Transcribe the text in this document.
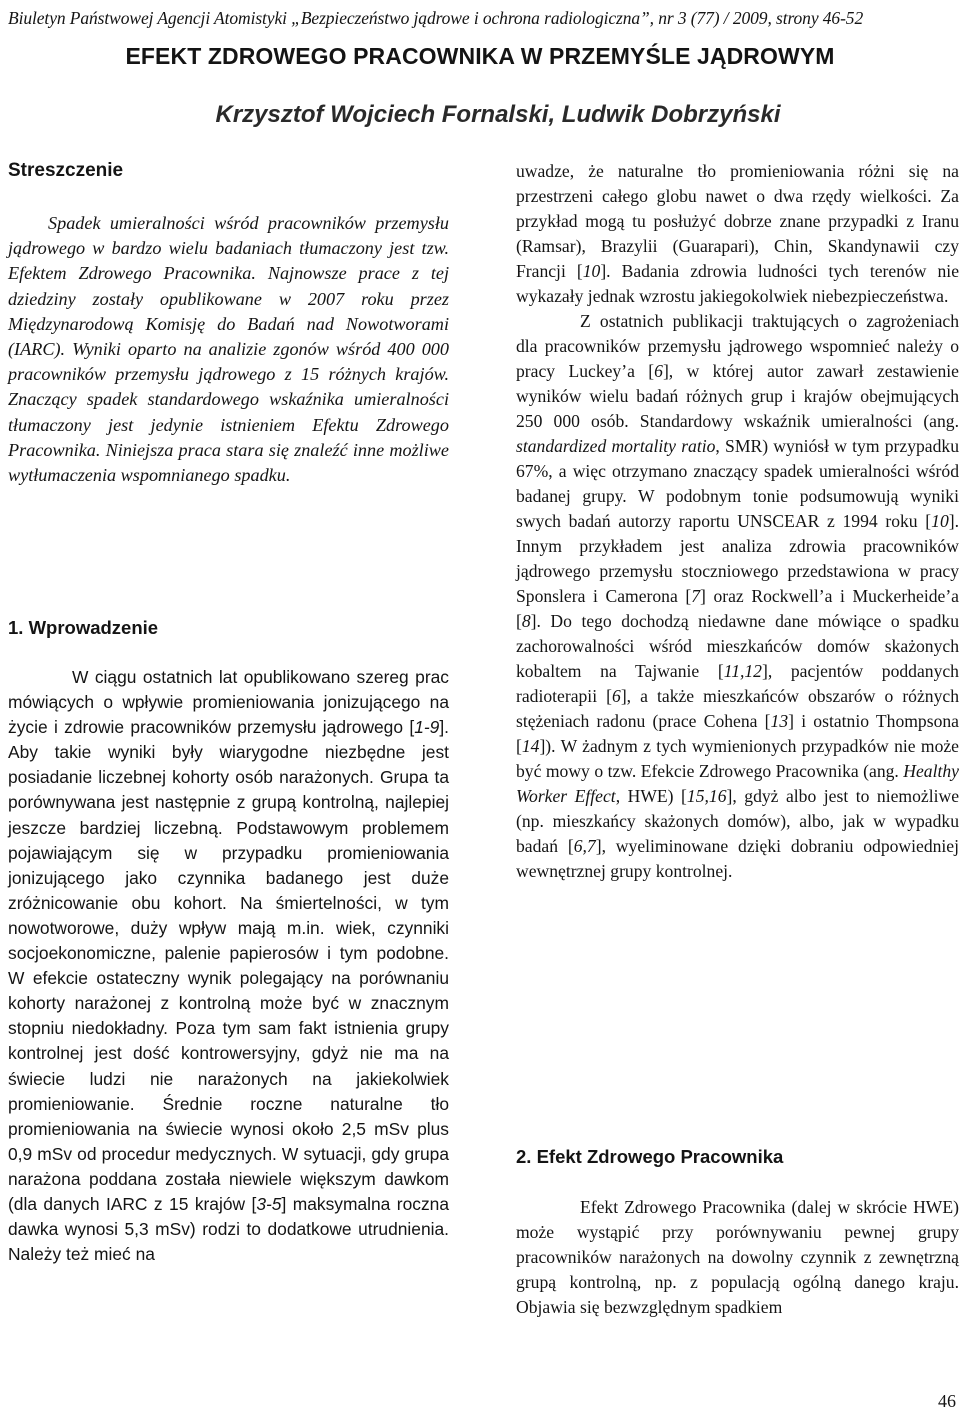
Biuletyn Państwowej Agencji Atomistyki „Bezpieczeństwo jądrowe i ochrona radiologiczna”, nr 3 (77) / 2009, strony 46-52
EFEKT ZDROWEGO PRACOWNIKA W PRZEMYŚLE JĄDROWYM
Krzysztof Wojciech Fornalski, Ludwik Dobrzyński
Streszczenie

Spadek umieralności wśród pracowników przemysłu jądrowego w bardzo wielu badaniach tłumaczony jest tzw. Efektem Zdrowego Pracownika. Najnowsze prace z tej dziedziny zostały opublikowane w 2007 roku przez Międzynarodową Komisję do Badań nad Nowotworami (IARC). Wyniki oparto na analizie zgonów wśród 400 000 pracowników przemysłu jądrowego z 15 różnych krajów. Znaczący spadek standardowego wskaźnika umieralności tłumaczony jest jedynie istnieniem Efektu Zdrowego Pracownika. Niniejsza praca stara się znaleźć inne możliwe wytłumaczenia wspomnianego spadku.

1. Wprowadzenie

W ciągu ostatnich lat opublikowano szereg prac mówiących o wpływie promieniowania jonizującego na życie i zdrowie pracowników przemysłu jądrowego [1-9]. Aby takie wyniki były wiarygodne niezbędne jest posiadanie liczebnej kohorty osób narażonych. Grupa ta porównywana jest następnie z grupą kontrolną, najlepiej jeszcze bardziej liczebną. Podstawowym problemem pojawiającym się w przypadku promieniowania jonizującego jako czynnika badanego jest duże zróżnicowanie obu kohort. Na śmiertelności, w tym nowotworowe, duży wpływ mają m.in. wiek, czynniki socjoekonomiczne, palenie papierosów i tym podobne. W efekcie ostateczny wynik polegający na porównaniu kohorty narażonej z kontrolną może być w znacznym stopniu niedokładny. Poza tym sam fakt istnienia grupy kontrolnej jest dość kontrowersyjny, gdyż nie ma na świecie ludzi nie narażonych na jakiekolwiek promieniowanie. Średnie roczne naturalne tło promieniowania na świecie wynosi około 2,5 mSv plus 0,9 mSv od procedur medycznych. W sytuacji, gdy grupa narażona poddana została niewiele większym dawkom (dla danych IARC z 15 krajów [3-5] maksymalna roczna dawka wynosi 5,3 mSv) rodzi to dodatkowe utrudnienia. Należy też mieć na

uwadze, że naturalne tło promieniowania różni się na przestrzeni całego globu nawet o dwa rzędy wielkości. Za przykład mogą tu posłużyć dobrze znane przypadki z Iranu (Ramsar), Brazylii (Guarapari), Chin, Skandynawii czy Francji [10]. Badania zdrowia ludności tych terenów nie wykazały jednak wzrostu jakiegokolwiek niebezpieczeństwa.

Z ostatnich publikacji traktujących o zagrożeniach dla pracowników przemysłu jądrowego wspomnieć należy o pracy Luckey’a [6], w której autor zawarł zestawienie wyników wielu badań różnych grup i krajów obejmujących 250 000 osób. Standardowy wskaźnik umieralności (ang. standardized mortality ratio, SMR) wyniósł w tym przypadku 67%, a więc otrzymano znaczący spadek umieralności wśród badanej grupy. W podobnym tonie podsumowują wyniki swych badań autorzy raportu UNSCEAR z 1994 roku [10]. Innym przykładem jest analiza zdrowia pracowników jądrowego przemysłu stoczniowego przedstawiona w pracy Sponslera i Camerona [7] oraz Rockwell’a i Muckerheide’a [8]. Do tego dochodzą niedawne dane mówiące o spadku zachorowalności wśród mieszkańców domów skażonych kobaltem na Tajwanie [11,12], pacjentów poddanych radioterapii [6], a także mieszkańców obszarów o różnych stężeniach radonu (prace Cohena [13] i ostatnio Thompsona [14]). W żadnym z tych wymienionych przypadków nie może być mowy o tzw. Efekcie Zdrowego Pracownika (ang. Healthy Worker Effect, HWE) [15,16], gdyż albo jest to niemożliwe (np. mieszkańcy skażonych domów), albo, jak w wypadku badań [6,7], wyeliminowane dzięki dobraniu odpowiedniej wewnętrznej grupy kontrolnej.

2. Efekt Zdrowego Pracownika

Efekt Zdrowego Pracownika (dalej w skrócie HWE) może wystąpić przy porównywaniu pewnej grupy pracowników narażonych na dowolny czynnik z zewnętrzną grupą kontrolną, np. z populacją ogólną danego kraju. Objawia się bezwzględnym spadkiem

46
